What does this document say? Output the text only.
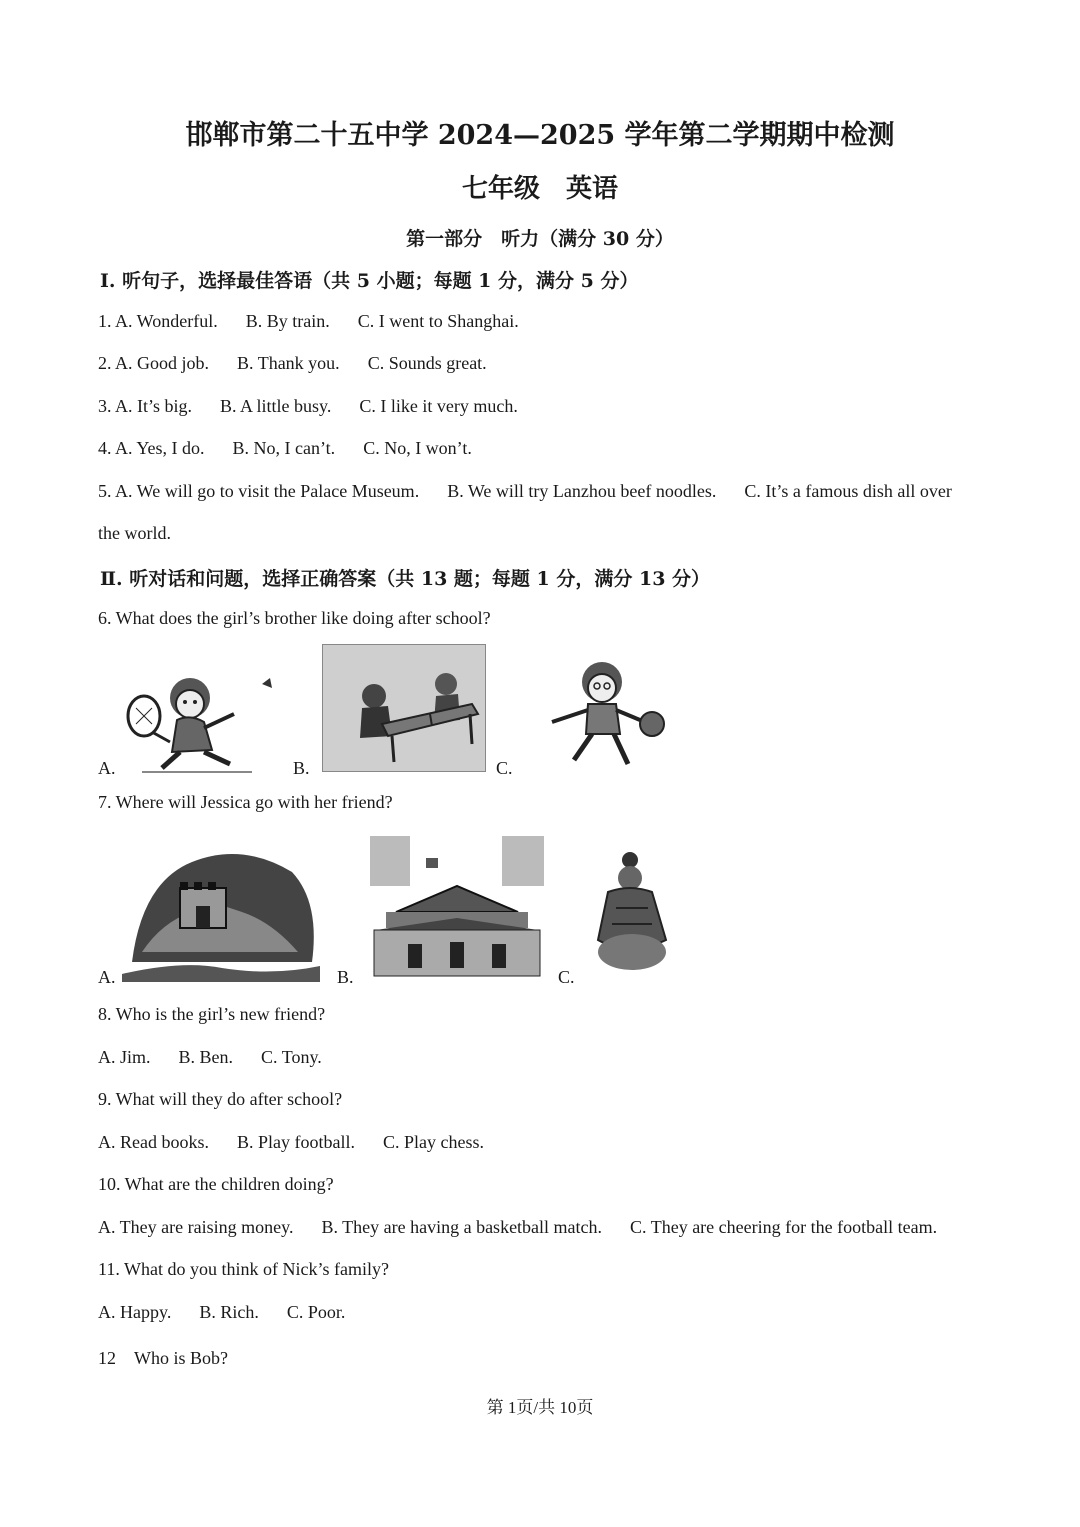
邯郸市第二十五中学 2024—2025 学年第二学期期中检测
七年级　英语
第一部分　听力（满分 30 分）
Ⅰ. 听句子，选择最佳答语（共 5 小题；每题 1 分，满分 5 分）
1. A. Wonderful. B. By train. C. I went to Shanghai.
2. A. Good job. B. Thank you. C. Sounds great.
3. A. It’s big. B. A little busy. C. I like it very much.
4. A. Yes, I do. B. No, I can’t. C. No, I won’t.
5. A. We will go to visit the Palace Museum. B. We will try Lanzhou beef noodles. C. It’s a famous dish all over
the world.
Ⅱ. 听对话和问题，选择正确答案（共 13 题；每题 1 分，满分 13 分）
6. What does the girl’s brother like doing after school?
A.	B.	C.
7. Where will Jessica go with her friend?
A.	B.	C.
8. Who is the girl’s new friend?
A. Jim. B. Ben. C. Tony.
9. What will they do after school?
A. Read books. B. Play football. C. Play chess.
10. What are the children doing?
A. They are raising money. B. They are having a basketball match. C. They are cheering for the football team.
11. What do you think of Nick’s family?
A. Happy. B. Rich. C. Poor.
12　Who is Bob?
第 1页/共 10页
